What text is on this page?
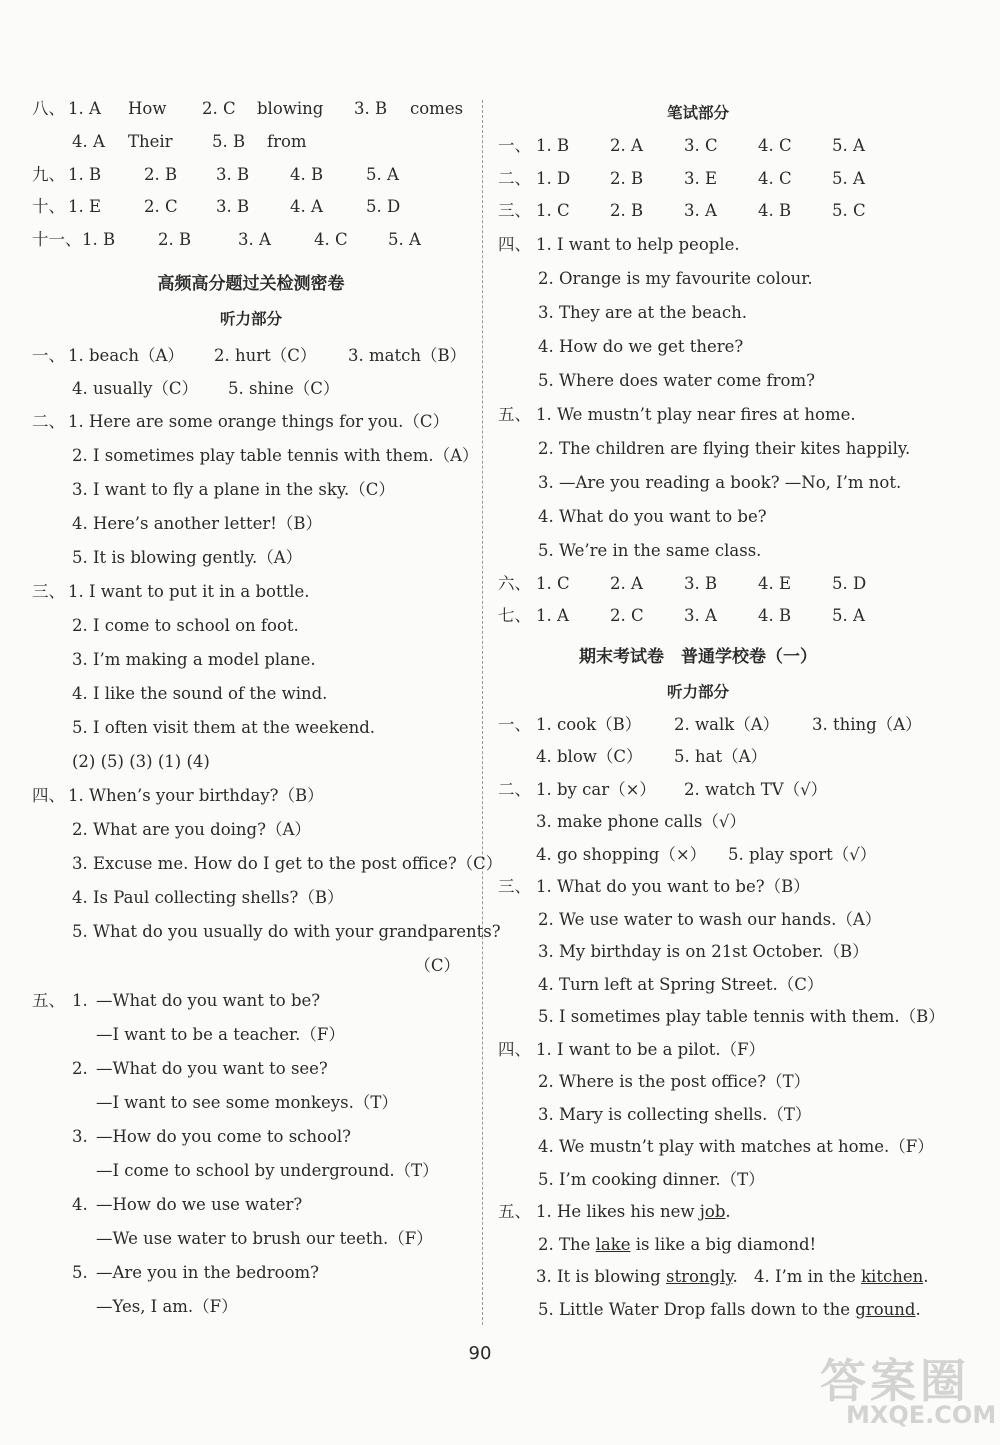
八、 1. A How 2. C blowing 3. B comes
4. A Their 5. B from
九、 1. B	2. B 3. B 4. B	5. A
十、 1. E	2. C 3. B 4. A	5. D
十一、 1. B	2. B	3. A	4. C 5. A
高频高分题过关检测密卷
听力部分
一、 1. beach（A） 2. hurt（C） 3. match（B）
4. usually（C） 5. shine（C）
二、 1. Here are some orange things for you.（C）
2. I sometimes play table tennis with them.（A）
3. I want to fly a plane in the sky.（C）
4. Here’s another letter!（B）
5. It is blowing gently.（A）
三、 1. I want to put it in a bottle.
2. I come to school on foot.
3. I’m making a model plane.
4. I like the sound of the wind.
5. I often visit them at the weekend.
(2) (5) (3) (1) (4)
四、 1. When’s your birthday?（B）
2. What are you doing?（A）
3. Excuse me. How do I get to the post office?（C）
4. Is Paul collecting shells?（B）
5. What do you usually do with your grandparents?
（C）
五、 1. —What do you want to be?
—I want to be a teacher.（F）
2. —What do you want to see?
—I want to see some monkeys.（T）
3. —How do you come to school?
—I come to school by underground.（T）
4. —How do we use water?
—We use water to brush our teeth.（F）
5. —Are you in the bedroom?
—Yes, I am.（F）
笔试部分
一、 1. B 2. A 3. C 4. C 5. A
二、 1. D 2. B 3. E 4. C 5. A
三、 1. C 2. B 3. A 4. B 5. C
四、 1. I want to help people.
2. Orange is my favourite colour.
3. They are at the beach.
4. How do we get there?
5. Where does water come from?
五、 1. We mustn’t play near fires at home.
2. The children are flying their kites happily.
3. —Are you reading a book? —No, I’m not.
4. What do you want to be?
5. We’re in the same class.
六、 1. C 2. A 3. B 4. E 5. D
七、 1. A 2. C 3. A 4. B 5. A
期末考试卷　普通学校卷（一）
听力部分
一、 1. cook（B） 2. walk（A） 3. thing（A）
4. blow（C） 5. hat（A）
二、 1. by car（×） 2. watch TV（√）
3. make phone calls（√）
4. go shopping（×） 5. play sport（√）
三、 1. What do you want to be?（B）
2. We use water to wash our hands.（A）
3. My birthday is on 21st October.（B）
4. Turn left at Spring Street.（C）
5. I sometimes play table tennis with them.（B）
四、 1. I want to be a pilot.（F）
2. Where is the post office?（T）
3. Mary is collecting shells.（T）
4. We mustn’t play with matches at home.（F）
5. I’m cooking dinner.（T）
五、 1. He likes his new job.
2. The lake is like a big diamond!
3. It is blowing strongly. 4. I’m in the kitchen.
5. Little Water Drop falls down to the ground.
90
答案圈
MXQE.COM
